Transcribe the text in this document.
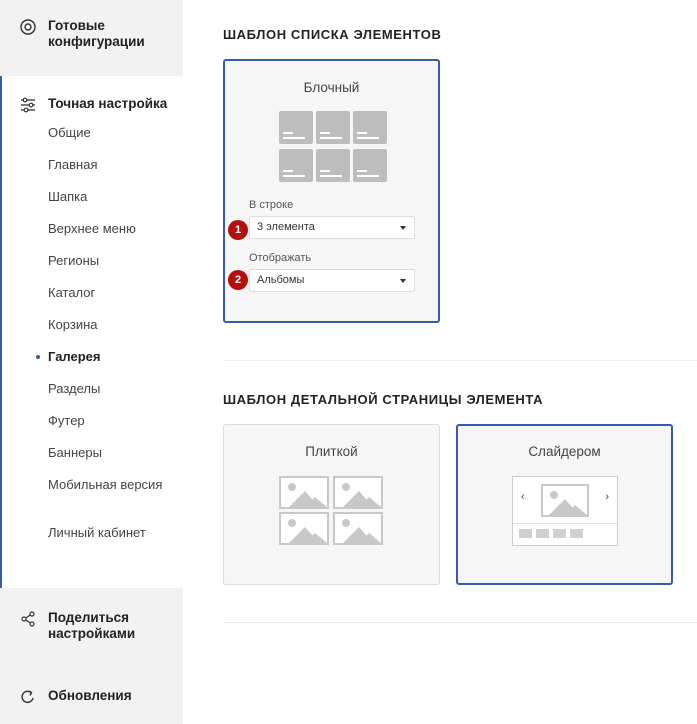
Готовые конфигурации
Точная настройка
Общие
Главная
Шапка
Верхнее меню
Регионы
Каталог
Корзина
Галерея
Разделы
Футер
Баннеры
Мобильная версия
Личный кабинет
Поделиться настройками
Обновления
ШАБЛОН СПИСКА ЭЛЕМЕНТОВ
Блочный
В строке
3 элемента
1
Отображать
Альбомы
2
ШАБЛОН ДЕТАЛЬНОЙ СТРАНИЦЫ ЭЛЕМЕНТА
Плиткой	Слайдером
‹	›
